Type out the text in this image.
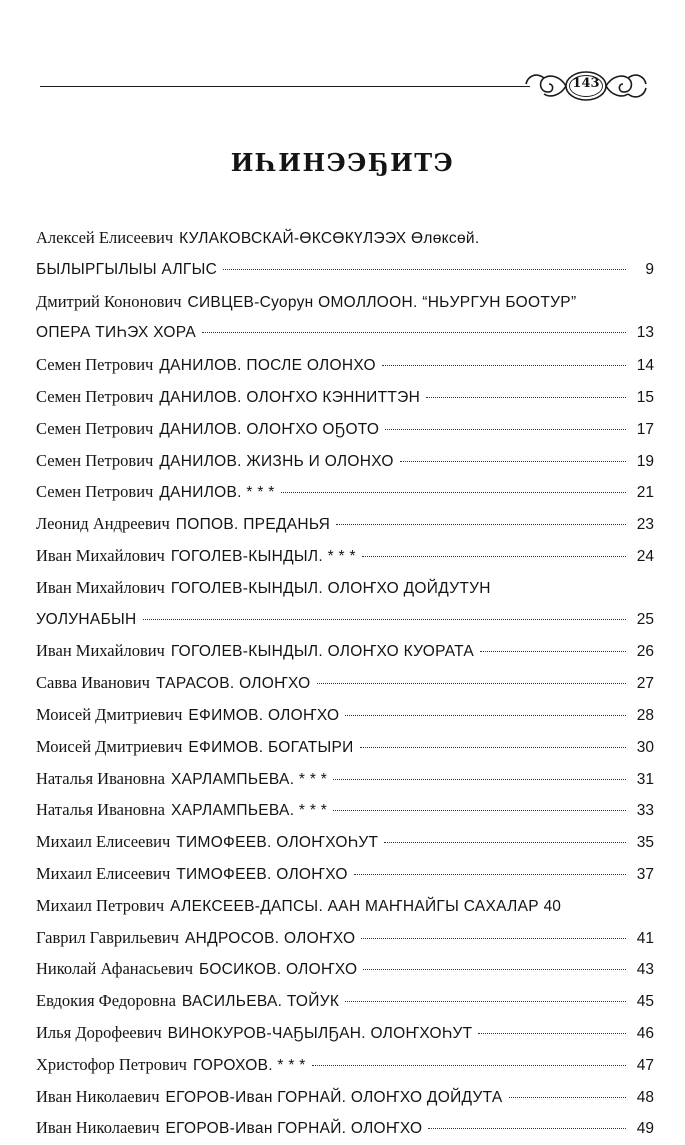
143
ИҺИНЭЭҔИТЭ
Алексей Елисеевич КУЛАКОВСКАЙ-ӨКСӨКҮЛЭЭХ Өлөксөй.
БЫЛЫРГЫЛЫЫ АЛГЫС	9
Дмитрий Кононович СИВЦЕВ-Суорун ОМОЛЛООН. “НЬУРГУН БООТУР”
ОПЕРА ТИҺЭХ ХОРА	13
Семен Петрович ДАНИЛОВ. ПОСЛЕ ОЛОНХО	14
Семен Петрович ДАНИЛОВ. ОЛОҤХО КЭННИТТЭН	15
Семен Петрович ДАНИЛОВ. ОЛОҤХО ОҔОТО	17
Семен Петрович ДАНИЛОВ. ЖИЗНЬ И ОЛОНХО	19
Семен Петрович ДАНИЛОВ. * * *	21
Леонид Андреевич ПОПОВ. ПРЕДАНЬЯ	23
Иван Михайлович ГОГОЛЕВ-КЫНДЫЛ. * * *	24
Иван Михайлович ГОГОЛЕВ-КЫНДЫЛ. ОЛОҤХО ДОЙДУТУН
УОЛУНАБЫН	25
Иван Михайлович ГОГОЛЕВ-КЫНДЫЛ. ОЛОҤХО КУОРАТА	26
Савва Иванович ТАРАСОВ. ОЛОҤХО	27
Моисей Дмитриевич ЕФИМОВ. ОЛОҤХО	28
Моисей Дмитриевич ЕФИМОВ. БОГАТЫРИ	30
Наталья Ивановна ХАРЛАМПЬЕВА. * * *	31
Наталья Ивановна ХАРЛАМПЬЕВА. * * *	33
Михаил Елисеевич ТИМОФЕЕВ. ОЛОҤХОҺУТ	35
Михаил Елисеевич ТИМОФЕЕВ. ОЛОҤХО	37
Михаил Петрович АЛЕКСЕЕВ-ДАПСЫ. ААН МАҤНАЙГЫ САХАЛАР 40
Гаврил Гаврильевич АНДРОСОВ. ОЛОҤХО	41
Николай Афанасьевич БОСИКОВ. ОЛОҤХО	43
Евдокия Федоровна ВАСИЛЬЕВА. ТОЙУК	45
Илья Дорофеевич ВИНОКУРОВ-ЧАҔЫЛҔАН. ОЛОҤХОҺУТ	46
Христофор Петрович ГОРОХОВ. * * *	47
Иван Николаевич ЕГОРОВ-Иван ГОРНАЙ. ОЛОҤХО ДОЙДУТА	48
Иван Николаевич ЕГОРОВ-Иван ГОРНАЙ. ОЛОҤХО	49
